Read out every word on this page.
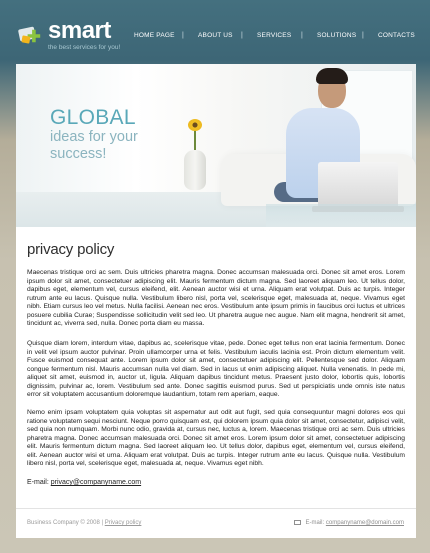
smart
the best services for you!
HOME PAGE | ABOUT US | SERVICES | SOLUTIONS | CONTACTS
GLOBAL
ideas for your
success!
privacy policy

Maecenas tristique orci ac sem. Duis ultricies pharetra magna. Donec accumsan malesuada orci. Donec sit amet eros. Lorem ipsum dolor sit amet, consectetuer adipiscing elit. Mauris fermentum dictum magna. Sed laoreet aliquam leo. Ut tellus dolor, dapibus eget, elementum vel, cursus eleifend, elit. Aenean auctor wisi et urna. Aliquam erat volutpat. Duis ac turpis. Integer rutrum ante eu lacus. Quisque nulla. Vestibulum libero nisl, porta vel, scelerisque eget, malesuada at, neque. Vivamus eget nibh. Etiam cursus leo vel metus. Nulla facilisi. Aenean nec eros. Vestibulum ante ipsum primis in faucibus orci luctus et ultrices posuere cubilia Curae; Suspendisse sollicitudin velit sed leo. Ut pharetra augue nec augue. Nam elit magna, hendrerit sit amet, tincidunt ac, viverra sed, nulla. Donec porta diam eu massa.

Quisque diam lorem, interdum vitae, dapibus ac, scelerisque vitae, pede. Donec eget tellus non erat lacinia fermentum. Donec in velit vel ipsum auctor pulvinar. Proin ullamcorper urna et felis. Vestibulum iaculis lacinia est. Proin dictum elementum velit. Fusce euismod consequat ante. Lorem ipsum dolor sit amet, consectetuer adipiscing elit. Pellentesque sed dolor. Aliquam congue fermentum nisl. Mauris accumsan nulla vel diam. Sed in lacus ut enim adipiscing aliquet. Nulla venenatis. In pede mi, aliquet sit amet, euismod in, auctor ut, ligula. Aliquam dapibus tincidunt metus. Praesent justo dolor, lobortis quis, lobortis dignissim, pulvinar ac, lorem. Vestibulum sed ante. Donec sagittis euismod purus. Sed ut perspiciatis unde omnis iste natus error sit voluptatem accusantium doloremque laudantium, totam rem aperiam, eaque.

Nemo enim ipsam voluptatem quia voluptas sit aspernatur aut odit aut fugit, sed quia consequuntur magni dolores eos qui ratione voluptatem sequi nesciunt. Neque porro quisquam est, qui dolorem ipsum quia dolor sit amet, consectetur, adipisci velit, sed quia non numquam. Morbi nunc odio, gravida at, cursus nec, luctus a, lorem. Maecenas tristique orci ac sem. Duis ultricies pharetra magna. Donec accumsan malesuada orci. Donec sit amet eros. Lorem ipsum dolor sit amet, consectetuer adipiscing elit. Mauris fermentum dictum magna. Sed laoreet aliquam leo. Ut tellus dolor, dapibus eget, elementum vel, cursus eleifend, elit. Aenean auctor wisi et urna. Aliquam erat volutpat. Duis ac turpis. Integer rutrum ante eu lacus. Quisque nulla. Vestibulum libero nisl, porta vel, scelerisque eget, malesuada at, neque. Vivamus eget nibh.

E-mail: privacy@companyname.com
Business Company © 2008 | Privacy policy	E-mail: companyname@domain.com
